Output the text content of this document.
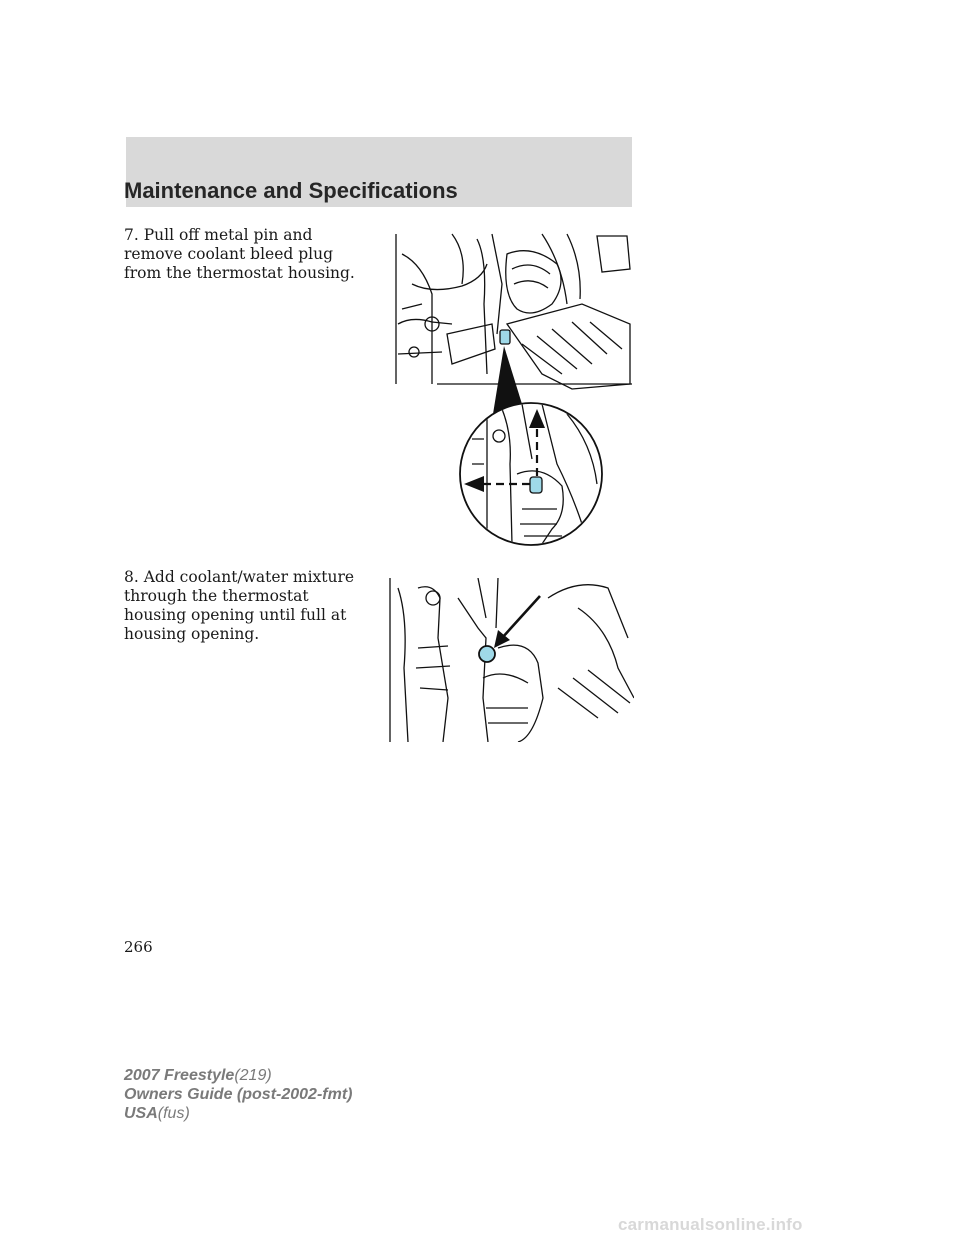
Maintenance and Specifications
7. Pull off metal pin and remove coolant bleed plug from the thermostat housing.
8. Add coolant/water mixture through the thermostat housing opening until full at housing opening.
266
2007 Freestyle(219)
Owners Guide (post-2002-fmt)
USA(fus)
carmanualsonline.info
